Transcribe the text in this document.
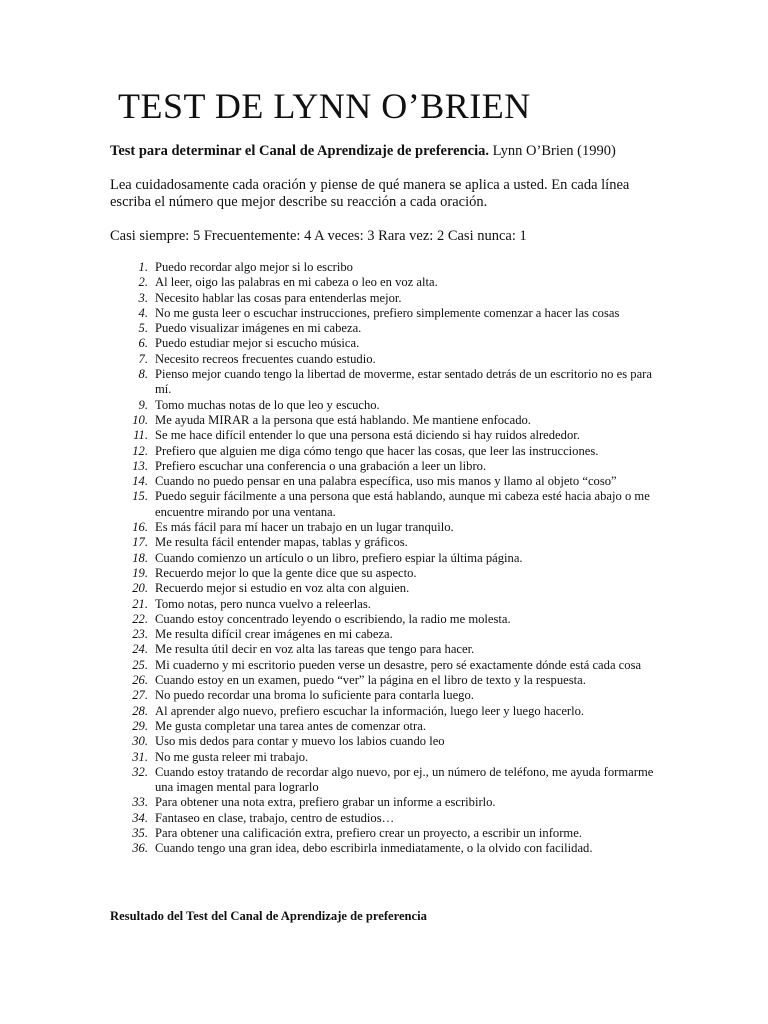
TEST DE LYNN O’BRIEN
Test para determinar el Canal de Aprendizaje de preferencia. Lynn O’Brien (1990)
Lea cuidadosamente cada oración y piense de qué manera se aplica a usted. En cada línea escriba el número que mejor describe su reacción a cada oración.
Casi siempre: 5 Frecuentemente: 4 A veces: 3 Rara vez: 2 Casi nunca: 1
1. Puedo recordar algo mejor si lo escribo
2. Al leer, oigo las palabras en mi cabeza o leo en voz alta.
3. Necesito hablar las cosas para entenderlas mejor.
4. No me gusta leer o escuchar instrucciones, prefiero simplemente comenzar a hacer las cosas
5. Puedo visualizar imágenes en mi cabeza.
6. Puedo estudiar mejor si escucho música.
7. Necesito recreos frecuentes cuando estudio.
8. Pienso mejor cuando tengo la libertad de moverme, estar sentado detrás de un escritorio no es para mí.
9. Tomo muchas notas de lo que leo y escucho.
10. Me ayuda MIRAR a la persona que está hablando. Me mantiene enfocado.
11. Se me hace difícil entender lo que una persona está diciendo si hay ruidos alrededor.
12. Prefiero que alguien me diga cómo tengo que hacer las cosas, que leer las instrucciones.
13. Prefiero escuchar una conferencia o una grabación a leer un libro.
14. Cuando no puedo pensar en una palabra específica, uso mis manos y llamo al objeto “coso”
15. Puedo seguir fácilmente a una persona que está hablando, aunque mi cabeza esté hacia abajo o me encuentre mirando por una ventana.
16. Es más fácil para mí hacer un trabajo en un lugar tranquilo.
17. Me resulta fácil entender mapas, tablas y gráficos.
18. Cuando comienzo un artículo o un libro, prefiero espiar la última página.
19. Recuerdo mejor lo que la gente dice que su aspecto.
20. Recuerdo mejor si estudio en voz alta con alguien.
21. Tomo notas, pero nunca vuelvo a releerlas.
22. Cuando estoy concentrado leyendo o escribiendo, la radio me molesta.
23. Me resulta difícil crear imágenes en mi cabeza.
24. Me resulta útil decir en voz alta las tareas que tengo para hacer.
25. Mi cuaderno y mi escritorio pueden verse un desastre, pero sé exactamente dónde está cada cosa
26. Cuando estoy en un examen, puedo “ver” la página en el libro de texto y la respuesta.
27. No puedo recordar una broma lo suficiente para contarla luego.
28. Al aprender algo nuevo, prefiero escuchar la información, luego leer y luego hacerlo.
29. Me gusta completar una tarea antes de comenzar otra.
30. Uso mis dedos para contar y muevo los labios cuando leo
31. No me gusta releer mi trabajo.
32. Cuando estoy tratando de recordar algo nuevo, por ej., un número de teléfono, me ayuda formarme una imagen mental para lograrlo
33. Para obtener una nota extra, prefiero grabar un informe a escribirlo.
34. Fantaseo en clase, trabajo, centro de estudios…
35. Para obtener una calificación extra, prefiero crear un proyecto, a escribir un informe.
36. Cuando tengo una gran idea, debo escribirla inmediatamente, o la olvido con facilidad.
Resultado del Test del Canal de Aprendizaje de preferencia
